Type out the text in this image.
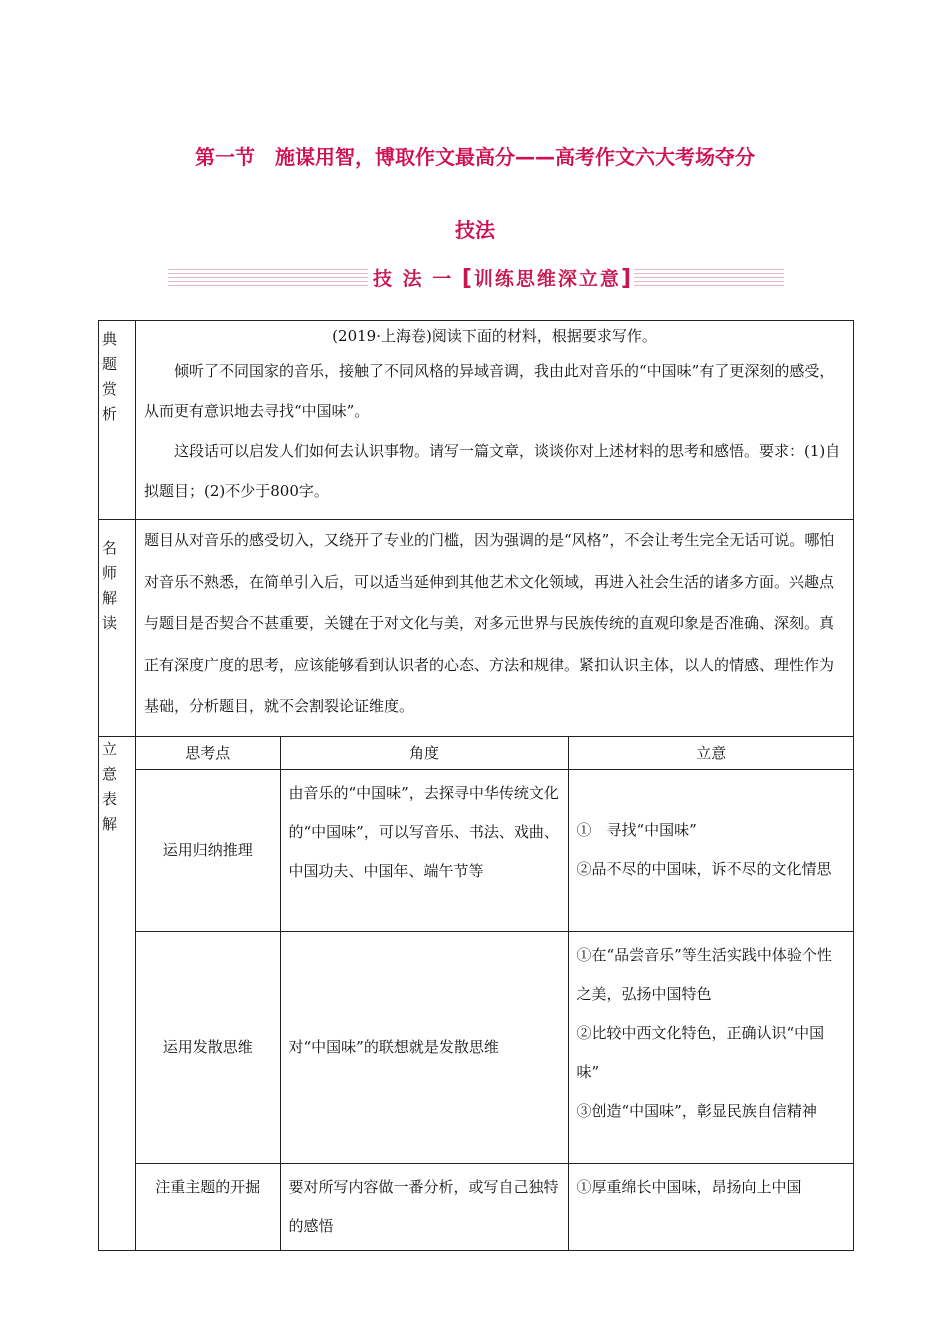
第一节　施谋用智，博取作文最高分——高考作文六大考场夺分
技法
技 法 一 [训练思维深立意]
典题赏析	(2019·上海卷)阅读下面的材料，根据要求写作。

倾听了不同国家的音乐，接触了不同风格的异域音调，我由此对音乐的“中国味”有了更深刻的感受，从而更有意识地去寻找“中国味”。

这段话可以启发人们如何去认识事物。请写一篇文章，谈谈你对上述材料的思考和感悟。要求：(1)自拟题目；(2)不少于800字。

名师解读	题目从对音乐的感受切入，又绕开了专业的门槛，因为强调的是“风格”，不会让考生完全无话可说。哪怕对音乐不熟悉，在简单引入后，可以适当延伸到其他艺术文化领域，再进入社会生活的诸多方面。兴趣点与题目是否契合不甚重要，关键在于对文化与美，对多元世界与民族传统的直观印象是否准确、深刻。真正有深度广度的思考，应该能够看到认识者的心态、方法和规律。紧扣认识主体，以人的情感、理性作为基础，分析题目，就不会割裂论证维度。

立意表解
		思考点	角度	立意
运用归纳推理	由音乐的“中国味”，去探寻中华传统文化的“中国味”，可以写音乐、书法、戏曲、中国功夫、中国年、端午节等	
①　寻找“中国味”
②品不尽的中国味，诉不尽的文化情思

运用发散思维	对“中国味”的联想就是发散思维	
①在“品尝音乐”等生活实践中体验个性之美，弘扬中国特色
②比较中西文化特色，正确认识“中国味”
③创造“中国味”，彰显民族自信精神

注重主题的开掘	要对所写内容做一番分析，或写自己独特的感悟	
①厚重绵长中国味，昂扬向上中国
